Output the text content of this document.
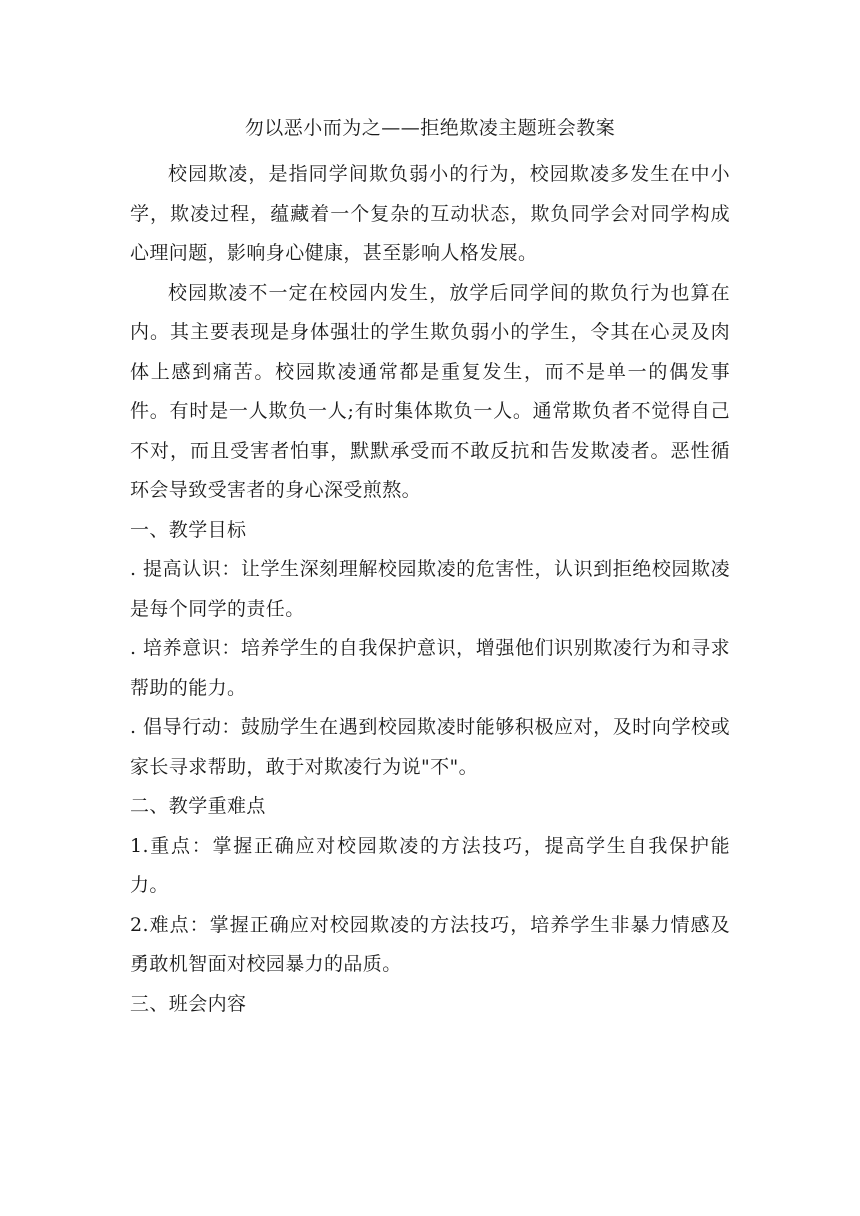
勿以恶小而为之——拒绝欺凌主题班会教案

校园欺凌，是指同学间欺负弱小的行为，校园欺凌多发生在中小学，欺凌过程，蕴藏着一个复杂的互动状态，欺负同学会对同学构成心理问题，影响身心健康，甚至影响人格发展。

校园欺凌不一定在校园内发生，放学后同学间的欺负行为也算在内。其主要表现是身体强壮的学生欺负弱小的学生，令其在心灵及肉体上感到痛苦。校园欺凌通常都是重复发生，而不是单一的偶发事件。有时是一人欺负一人;有时集体欺负一人。通常欺负者不觉得自己不对，而且受害者怕事，默默承受而不敢反抗和告发欺凌者。恶性循环会导致受害者的身心深受煎熬。

一、教学目标

. 提高认识：让学生深刻理解校园欺凌的危害性，认识到拒绝校园欺凌是每个同学的责任。

. 培养意识：培养学生的自我保护意识，增强他们识别欺凌行为和寻求帮助的能力。

. 倡导行动：鼓励学生在遇到校园欺凌时能够积极应对，及时向学校或家长寻求帮助，敢于对欺凌行为说"不"。

二、教学重难点

1.重点：掌握正确应对校园欺凌的方法技巧，提高学生自我保护能力。

2.难点：掌握正确应对校园欺凌的方法技巧，培养学生非暴力情感及勇敢机智面对校园暴力的品质。

三、班会内容
